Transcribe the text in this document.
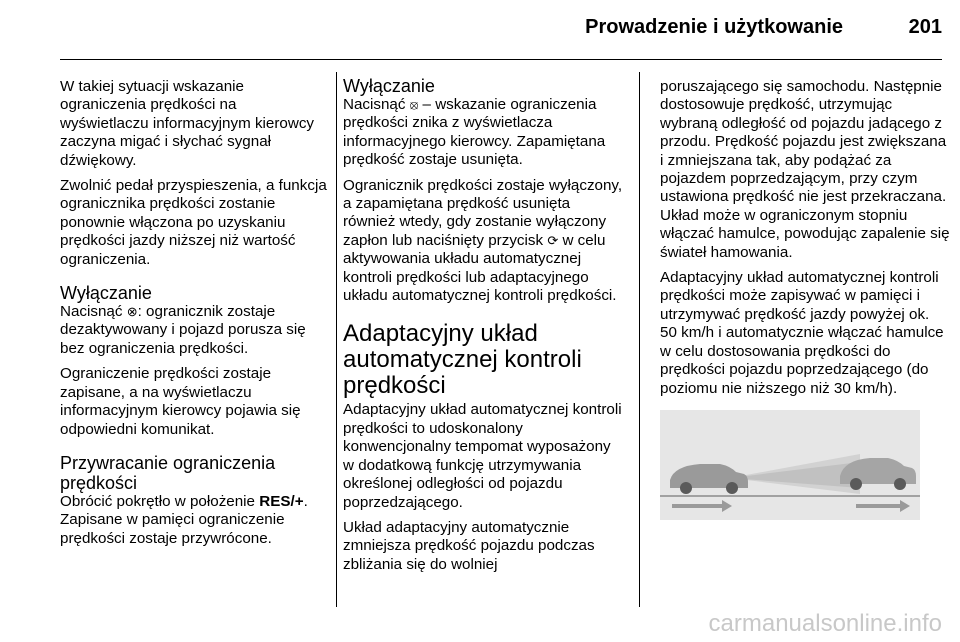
Prowadzenie i użytkowanie	201

W takiej sytuacji wskazanie ograniczenia prędkości na wyświetlaczu informacyjnym kierowcy zaczyna migać i słychać sygnał dźwiękowy.

Zwolnić pedał przyspieszenia, a funkcja ogranicznika prędkości zostanie ponownie włączona po uzyskaniu prędkości jazdy niższej niż wartość ograniczenia.

Wyłączanie

Nacisnąć ⊗: ogranicznik zostaje dezaktywowany i pojazd porusza się bez ograniczenia prędkości.

Ograniczenie prędkości zostaje zapisane, a na wyświetlaczu informacyjnym kierowcy pojawia się odpowiedni komunikat.

Przywracanie ograniczenia prędkości

Obrócić pokrętło w położenie RES/+. Zapisane w pamięci ograniczenie prędkości zostaje przywrócone.

Wyłączanie

Nacisnąć ⦻ – wskazanie ograniczenia prędkości znika z wyświetlacza informacyjnego kierowcy. Zapamiętana prędkość zostaje usunięta.

Ogranicznik prędkości zostaje wyłączony, a zapamiętana prędkość usunięta również wtedy, gdy zostanie wyłączony zapłon lub naciśnięty przycisk ⟳ w celu aktywowania układu automatycznej kontroli prędkości lub adaptacyjnego układu automatycznej kontroli prędkości.

Adaptacyjny układ automatycznej kontroli prędkości

Adaptacyjny układ automatycznej kontroli prędkości to udoskonalony konwencjonalny tempomat wyposażony w dodatkową funkcję utrzymywania określonej odległości od pojazdu poprzedzającego.

Układ adaptacyjny automatycznie zmniejsza prędkość pojazdu podczas zbliżania się do wolniej

poruszającego się samochodu. Następnie dostosowuje prędkość, utrzymując wybraną odległość od pojazdu jadącego z przodu. Prędkość pojazdu jest zwiększana i zmniejszana tak, aby podążać za pojazdem poprzedzającym, przy czym ustawiona prędkość nie jest przekraczana. Układ może w ograniczonym stopniu włączać hamulce, powodując zapalenie się świateł hamowania.

Adaptacyjny układ automatycznej kontroli prędkości może zapisywać w pamięci i utrzymywać prędkość jazdy powyżej ok. 50 km/h i automatycznie włączać hamulce w celu dostosowania prędkości do prędkości pojazdu poprzedzającego (do poziomu nie niższego niż 30 km/h).

carmanualsonline.info
